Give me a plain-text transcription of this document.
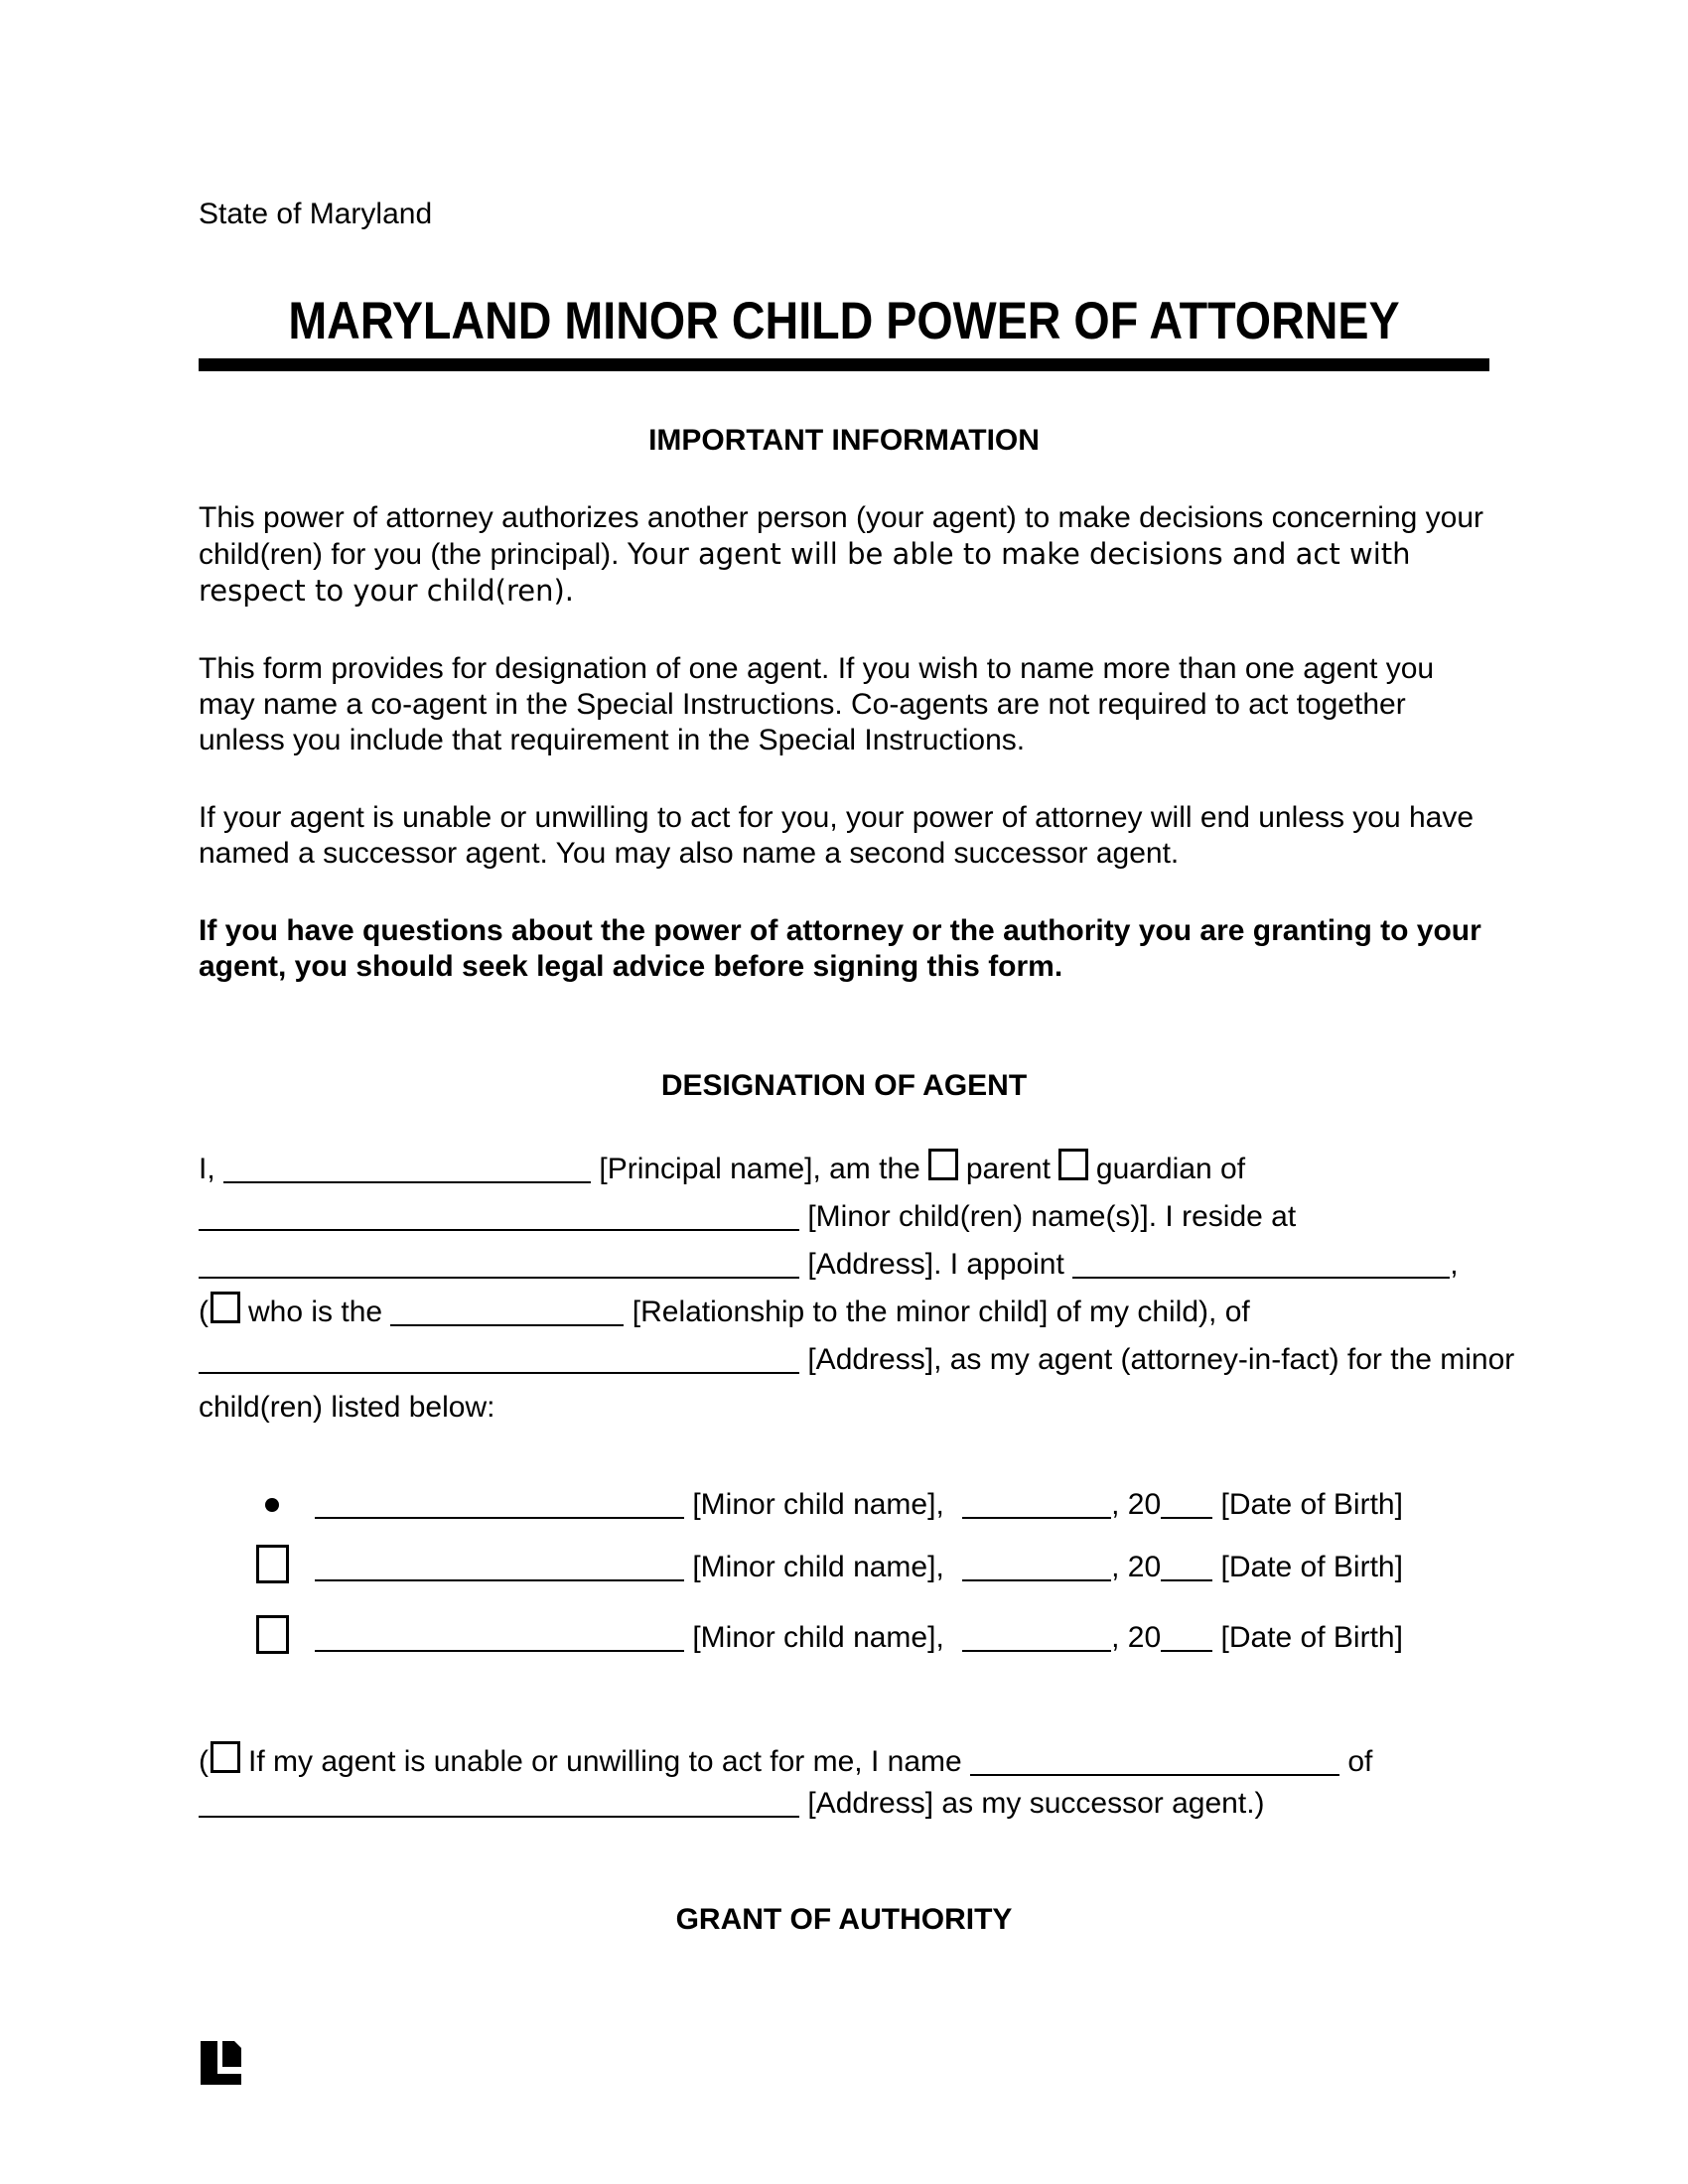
State of Maryland
MARYLAND MINOR CHILD POWER OF ATTORNEY
IMPORTANT INFORMATION

This power of attorney authorizes another person (your agent) to make decisions concerning your child(ren) for you (the principal). Your agent will be able to make decisions and act with respect to your child(ren).

This form provides for designation of one agent. If you wish to name more than one agent you may name a co-agent in the Special Instructions. Co-agents are not required to act together unless you include that requirement in the Special Instructions.

If your agent is unable or unwilling to act for you, your power of attorney will end unless you have named a successor agent. You may also name a second successor agent.

If you have questions about the power of attorney or the authority you are granting to your agent, you should seek legal advice before signing this form.

DESIGNATION OF AGENT
I,	[Principal name], am the parent guardian of
[Minor child(ren) name(s)]. I reside at
[Address]. I appoint	,
( who is the	[Relationship to the minor child] of my child), of
[Address], as my agent (attorney-in-fact) for the minor
child(ren) listed below:
[Minor child name],	, 20 [Date of Birth]
[Minor child name],	, 20 [Date of Birth]
[Minor child name],	, 20 [Date of Birth]
( If my agent is unable or unwilling to act for me, I name	of
[Address] as my successor agent.)
GRANT OF AUTHORITY
